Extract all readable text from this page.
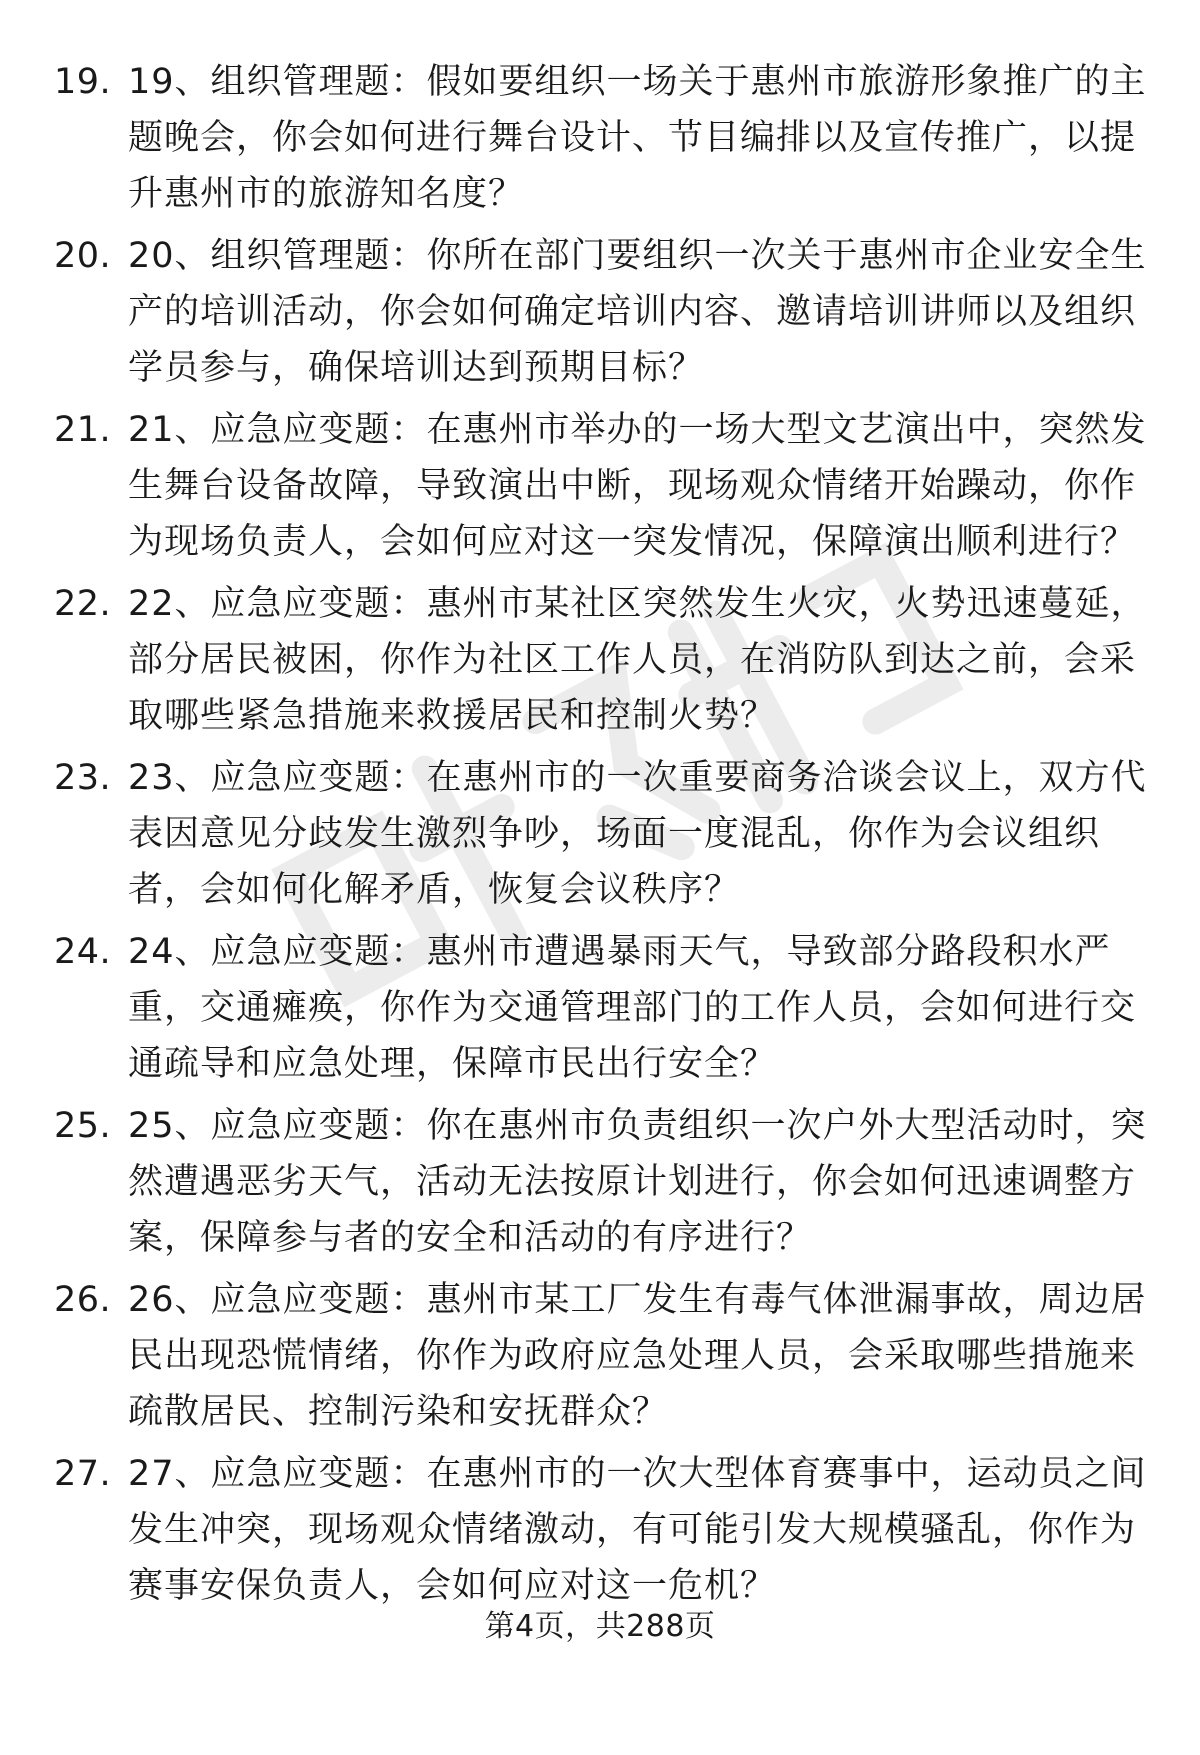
19. 19、组织管理题：假如要组织一场关于惠州市旅游形象推广的主
题晚会，你会如何进行舞台设计、节目编排以及宣传推广，以提
升惠州市的旅游知名度？
20. 20、组织管理题：你所在部门要组织一次关于惠州市企业安全生
产的培训活动，你会如何确定培训内容、邀请培训讲师以及组织
学员参与，确保培训达到预期目标？
21. 21、应急应变题：在惠州市举办的一场大型文艺演出中，突然发
生舞台设备故障，导致演出中断，现场观众情绪开始躁动，你作
为现场负责人，会如何应对这一突发情况，保障演出顺利进行？
22. 22、应急应变题：惠州市某社区突然发生火灾，火势迅速蔓延，
部分居民被困，你作为社区工作人员，在消防队到达之前，会采
取哪些紧急措施来救援居民和控制火势？
23. 23、应急应变题：在惠州市的一次重要商务洽谈会议上，双方代
表因意见分歧发生激烈争吵，场面一度混乱，你作为会议组织
者，会如何化解矛盾，恢复会议秩序？
24. 24、应急应变题：惠州市遭遇暴雨天气，导致部分路段积水严
重，交通瘫痪，你作为交通管理部门的工作人员，会如何进行交
通疏导和应急处理，保障市民出行安全？
25. 25、应急应变题：你在惠州市负责组织一次户外大型活动时，突
然遭遇恶劣天气，活动无法按原计划进行，你会如何迅速调整方
案，保障参与者的安全和活动的有序进行？
26. 26、应急应变题：惠州市某工厂发生有毒气体泄漏事故，周边居
民出现恐慌情绪，你作为政府应急处理人员，会采取哪些措施来
疏散居民、控制污染和安抚群众？
27. 27、应急应变题：在惠州市的一次大型体育赛事中，运动员之间
发生冲突，现场观众情绪激动，有可能引发大规模骚乱，你作为
赛事安保负责人，会如何应对这一危机？
第4页，共288页
